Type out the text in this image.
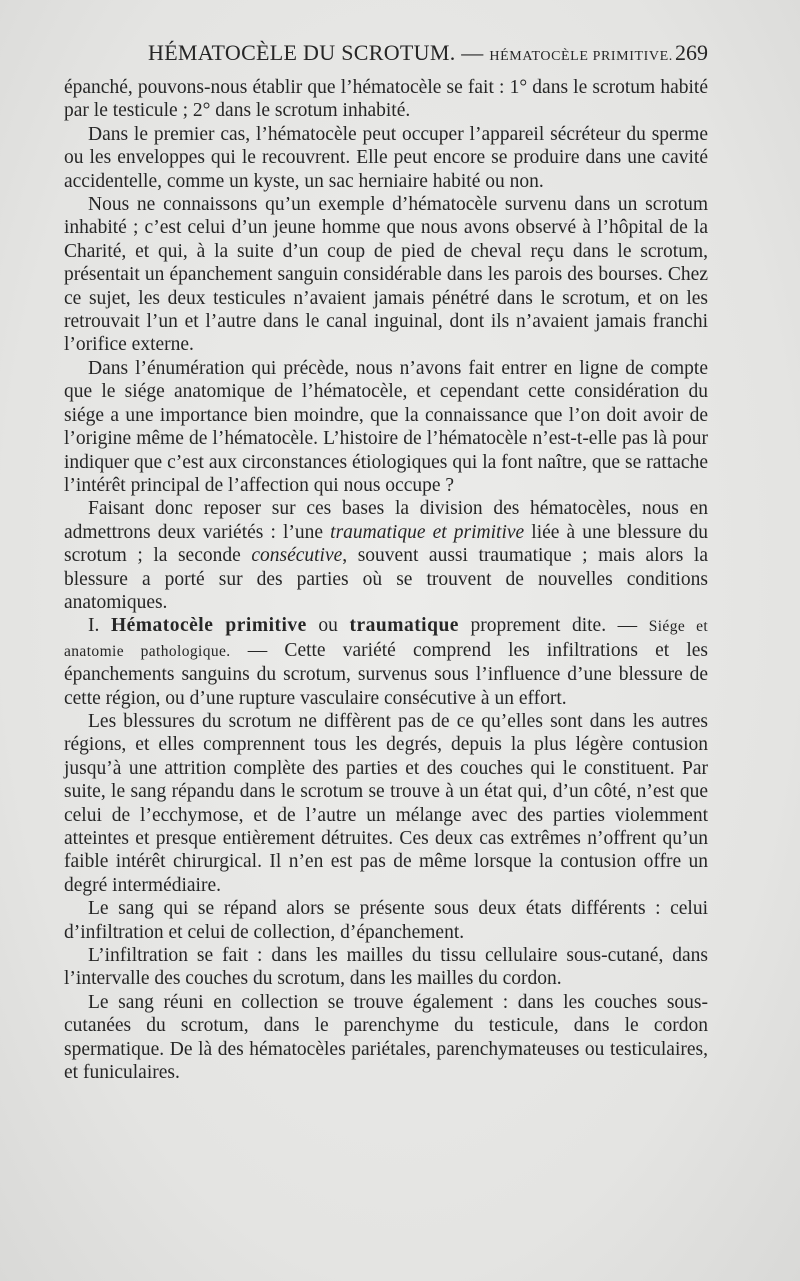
HÉMATOCÈLE DU SCROTUM. — HÉMATOCÈLE PRIMITIVE. 269

épanché, pouvons-nous établir que l’hématocèle se fait : 1° dans le scrotum habité par le testicule ; 2° dans le scrotum inhabité.

Dans le premier cas, l’hématocèle peut occuper l’appareil sécréteur du sperme ou les enveloppes qui le recouvrent. Elle peut encore se produire dans une cavité accidentelle, comme un kyste, un sac herniaire habité ou non.

Nous ne connaissons qu’un exemple d’hématocèle survenu dans un scrotum inhabité ; c’est celui d’un jeune homme que nous avons observé à l’hôpital de la Charité, et qui, à la suite d’un coup de pied de cheval reçu dans le scrotum, présentait un épanchement sanguin considérable dans les parois des bourses. Chez ce sujet, les deux testicules n’avaient jamais pénétré dans le scrotum, et on les retrouvait l’un et l’autre dans le canal inguinal, dont ils n’avaient jamais franchi l’orifice externe.

Dans l’énumération qui précède, nous n’avons fait entrer en ligne de compte que le siége anatomique de l’hématocèle, et cependant cette considération du siége a une importance bien moindre, que la connaissance que l’on doit avoir de l’origine même de l’hématocèle. L’histoire de l’hématocèle n’est-t-elle pas là pour indiquer que c’est aux circonstances étiologiques qui la font naître, que se rattache l’intérêt principal de l’affection qui nous occupe ?

Faisant donc reposer sur ces bases la division des hématocèles, nous en admettrons deux variétés : l’une traumatique et primitive liée à une blessure du scrotum ; la seconde consécutive, souvent aussi traumatique ; mais alors la blessure a porté sur des parties où se trouvent de nouvelles conditions anatomiques.

I. Hématocèle primitive ou traumatique proprement dite. — Siége et anatomie pathologique. — Cette variété comprend les infiltrations et les épanchements sanguins du scrotum, survenus sous l’influence d’une blessure de cette région, ou d’une rupture vasculaire consécutive à un effort.

Les blessures du scrotum ne diffèrent pas de ce qu’elles sont dans les autres régions, et elles comprennent tous les degrés, depuis la plus légère contusion jusqu’à une attrition complète des parties et des couches qui le constituent. Par suite, le sang répandu dans le scrotum se trouve à un état qui, d’un côté, n’est que celui de l’ecchymose, et de l’autre un mélange avec des parties violemment atteintes et presque entièrement détruites. Ces deux cas extrêmes n’offrent qu’un faible intérêt chirurgical. Il n’en est pas de même lorsque la contusion offre un degré intermédiaire.

Le sang qui se répand alors se présente sous deux états différents : celui d’infiltration et celui de collection, d’épanchement.

L’infiltration se fait : dans les mailles du tissu cellulaire sous-cutané, dans l’intervalle des couches du scrotum, dans les mailles du cordon.

Le sang réuni en collection se trouve également : dans les couches sous-cutanées du scrotum, dans le parenchyme du testicule, dans le cordon spermatique. De là des hématocèles pariétales, parenchymateuses ou testiculaires, et funiculaires.
